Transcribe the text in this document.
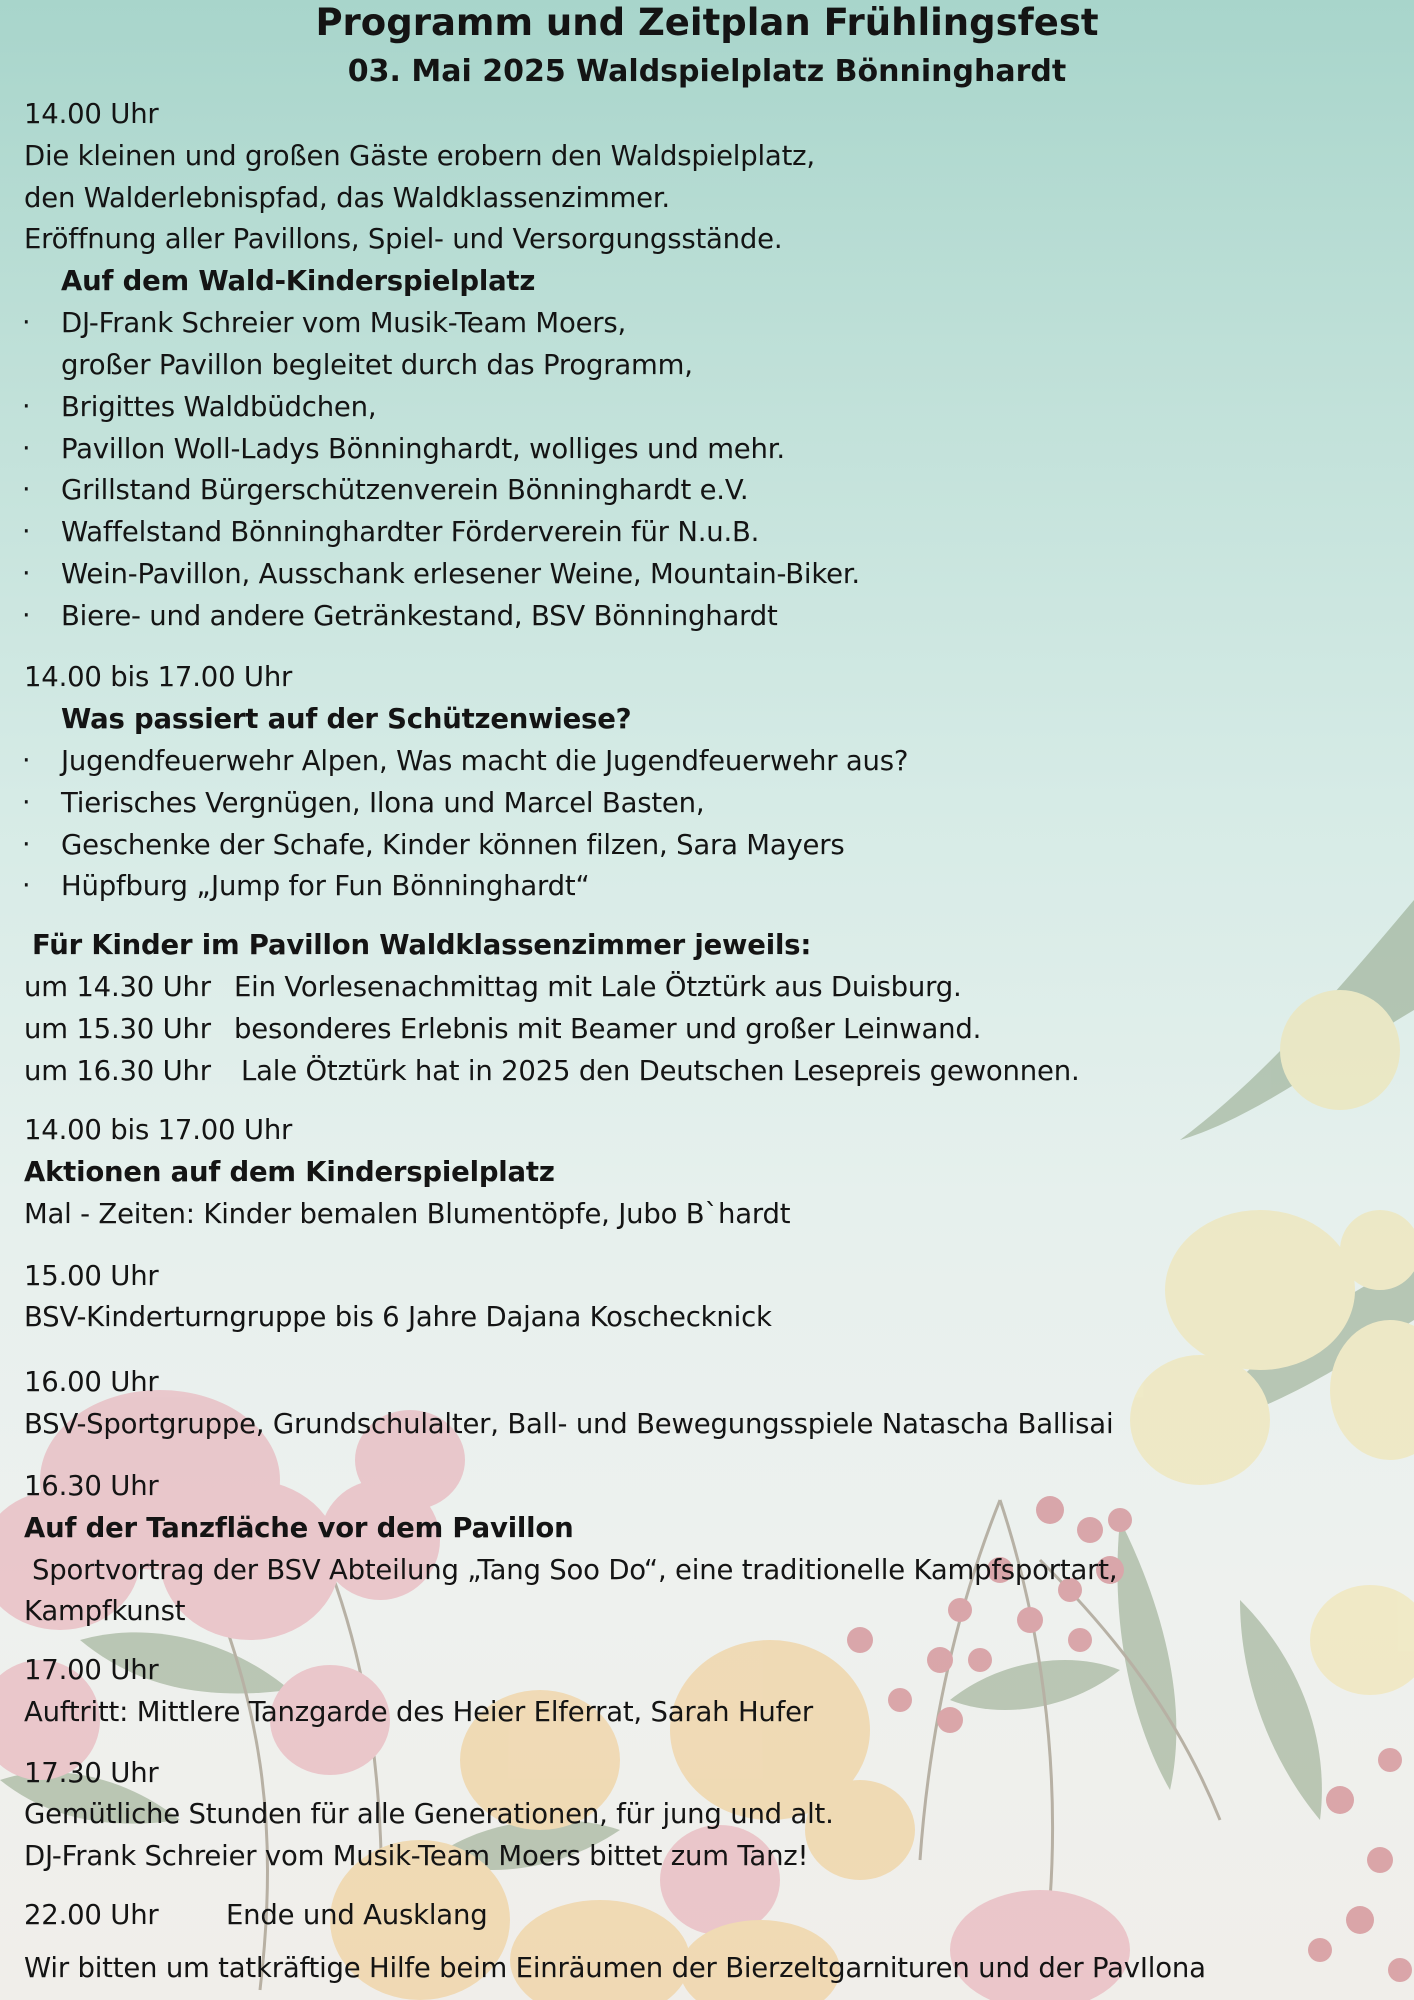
Programm und Zeitplan Frühlingsfest
03. Mai 2025 Waldspielplatz Bönninghardt
14.00 Uhr
Die kleinen und großen Gäste erobern den Waldspielplatz,
den Walderlebnispfad, das Waldklassenzimmer.
Eröffnung aller Pavillons, Spiel- und Versorgungsstände.
Auf dem Wald-Kinderspielplatz
· DJ-Frank Schreier vom Musik-Team Moers,
großer Pavillon begleitet durch das Programm,
· Brigittes Waldbüdchen,
· Pavillon Woll-Ladys Bönninghardt, wolliges und mehr.
· Grillstand Bürgerschützenverein Bönninghardt e.V.
· Waffelstand Bönninghardter Förderverein für N.u.B.
· Wein-Pavillon, Ausschank erlesener Weine, Mountain-Biker.
· Biere- und andere Getränkestand, BSV Bönninghardt
14.00 bis 17.00 Uhr
Was passiert auf der Schützenwiese?
· Jugendfeuerwehr Alpen, Was macht die Jugendfeuerwehr aus?
· Tierisches Vergnügen, Ilona und Marcel Basten,
· Geschenke der Schafe, Kinder können filzen, Sara Mayers
· Hüpfburg „Jump for Fun Bönninghardt“
Für Kinder im Pavillon Waldklassenzimmer jeweils:
um 14.30 Uhr Ein Vorlesenachmittag mit Lale Ötztürk aus Duisburg.
um 15.30 Uhr besonderes Erlebnis mit Beamer und großer Leinwand.
um 16.30 Uhr Lale Ötztürk hat in 2025 den Deutschen Lesepreis gewonnen.
14.00 bis 17.00 Uhr
Aktionen auf dem Kinderspielplatz
Mal - Zeiten: Kinder bemalen Blumentöpfe, Jubo B`hardt
15.00 Uhr
BSV-Kinderturngruppe bis 6 Jahre Dajana Koschecknick
16.00 Uhr
BSV-Sportgruppe, Grundschulalter, Ball- und Bewegungsspiele Natascha Ballisai
16.30 Uhr
Auf der Tanzfläche vor dem Pavillon
Sportvortrag der BSV Abteilung „Tang Soo Do“, eine traditionelle Kampfsportart,
Kampfkunst
17.00 Uhr
Auftritt: Mittlere Tanzgarde des Heier Elferrat, Sarah Hufer
17.30 Uhr
Gemütliche Stunden für alle Generationen, für jung und alt.
DJ-Frank Schreier vom Musik-Team Moers bittet zum Tanz!
22.00 Uhr Ende und Ausklang
Wir bitten um tatkräftige Hilfe beim Einräumen der Bierzeltgarnituren und der PavIlona
